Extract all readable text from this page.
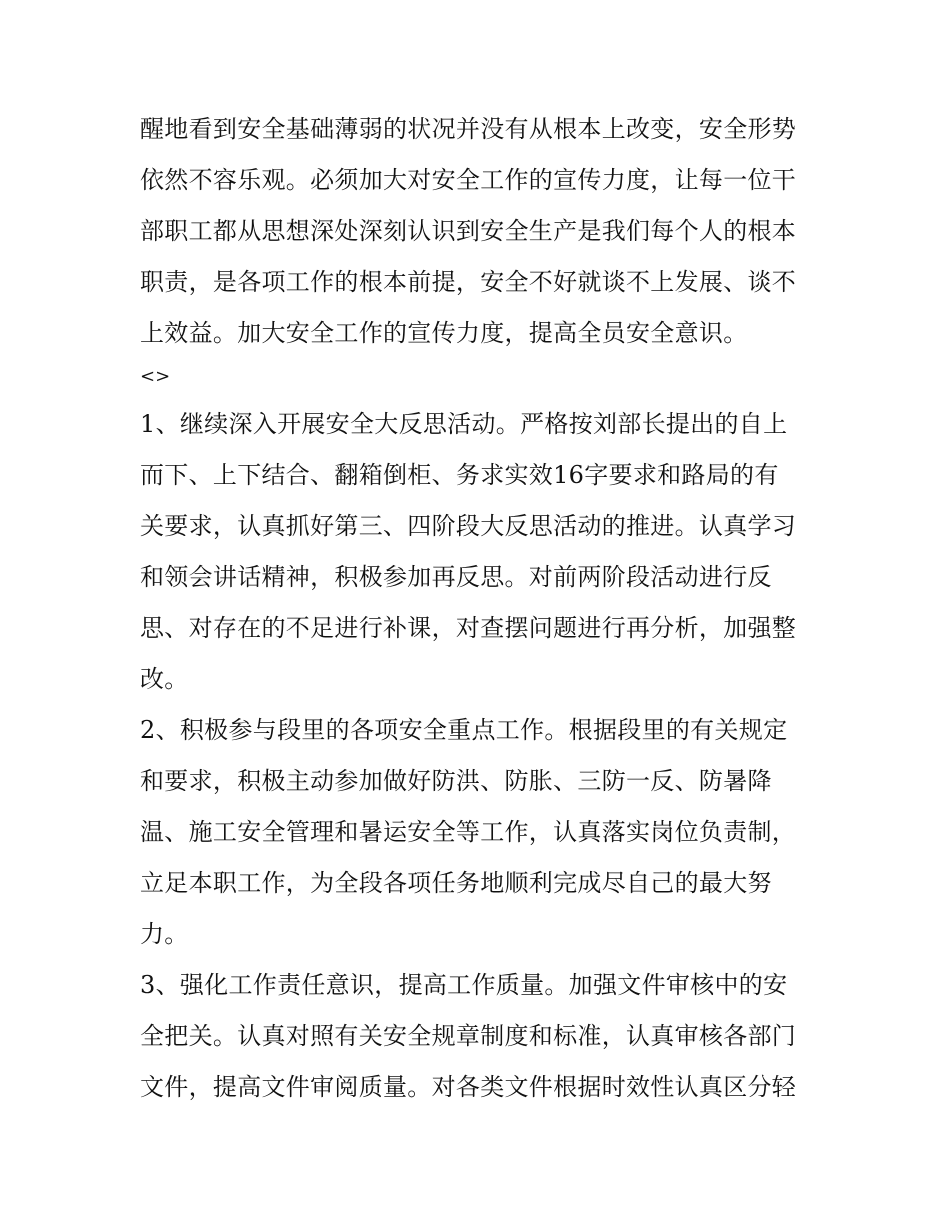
醒地看到安全基础薄弱的状况并没有从根本上改变，安全形势
依然不容乐观。必须加大对安全工作的宣传力度，让每一位干
部职工都从思想深处深刻认识到安全生产是我们每个人的根本
职责，是各项工作的根本前提，安全不好就谈不上发展、谈不
上效益。加大安全工作的宣传力度，提高全员安全意识。
<>
1、继续深入开展安全大反思活动。严格按刘部长提出的自上
而下、上下结合、翻箱倒柜、务求实效16字要求和路局的有
关要求，认真抓好第三、四阶段大反思活动的推进。认真学习
和领会讲话精神，积极参加再反思。对前两阶段活动进行反
思、对存在的不足进行补课，对查摆问题进行再分析，加强整
改。
2、积极参与段里的各项安全重点工作。根据段里的有关规定
和要求，积极主动参加做好防洪、防胀、三防一反、防暑降
温、施工安全管理和暑运安全等工作，认真落实岗位负责制，
立足本职工作，为全段各项任务地顺利完成尽自己的最大努
力。
3、强化工作责任意识，提高工作质量。加强文件审核中的安
全把关。认真对照有关安全规章制度和标准，认真审核各部门
文件，提高文件审阅质量。对各类文件根据时效性认真区分轻
